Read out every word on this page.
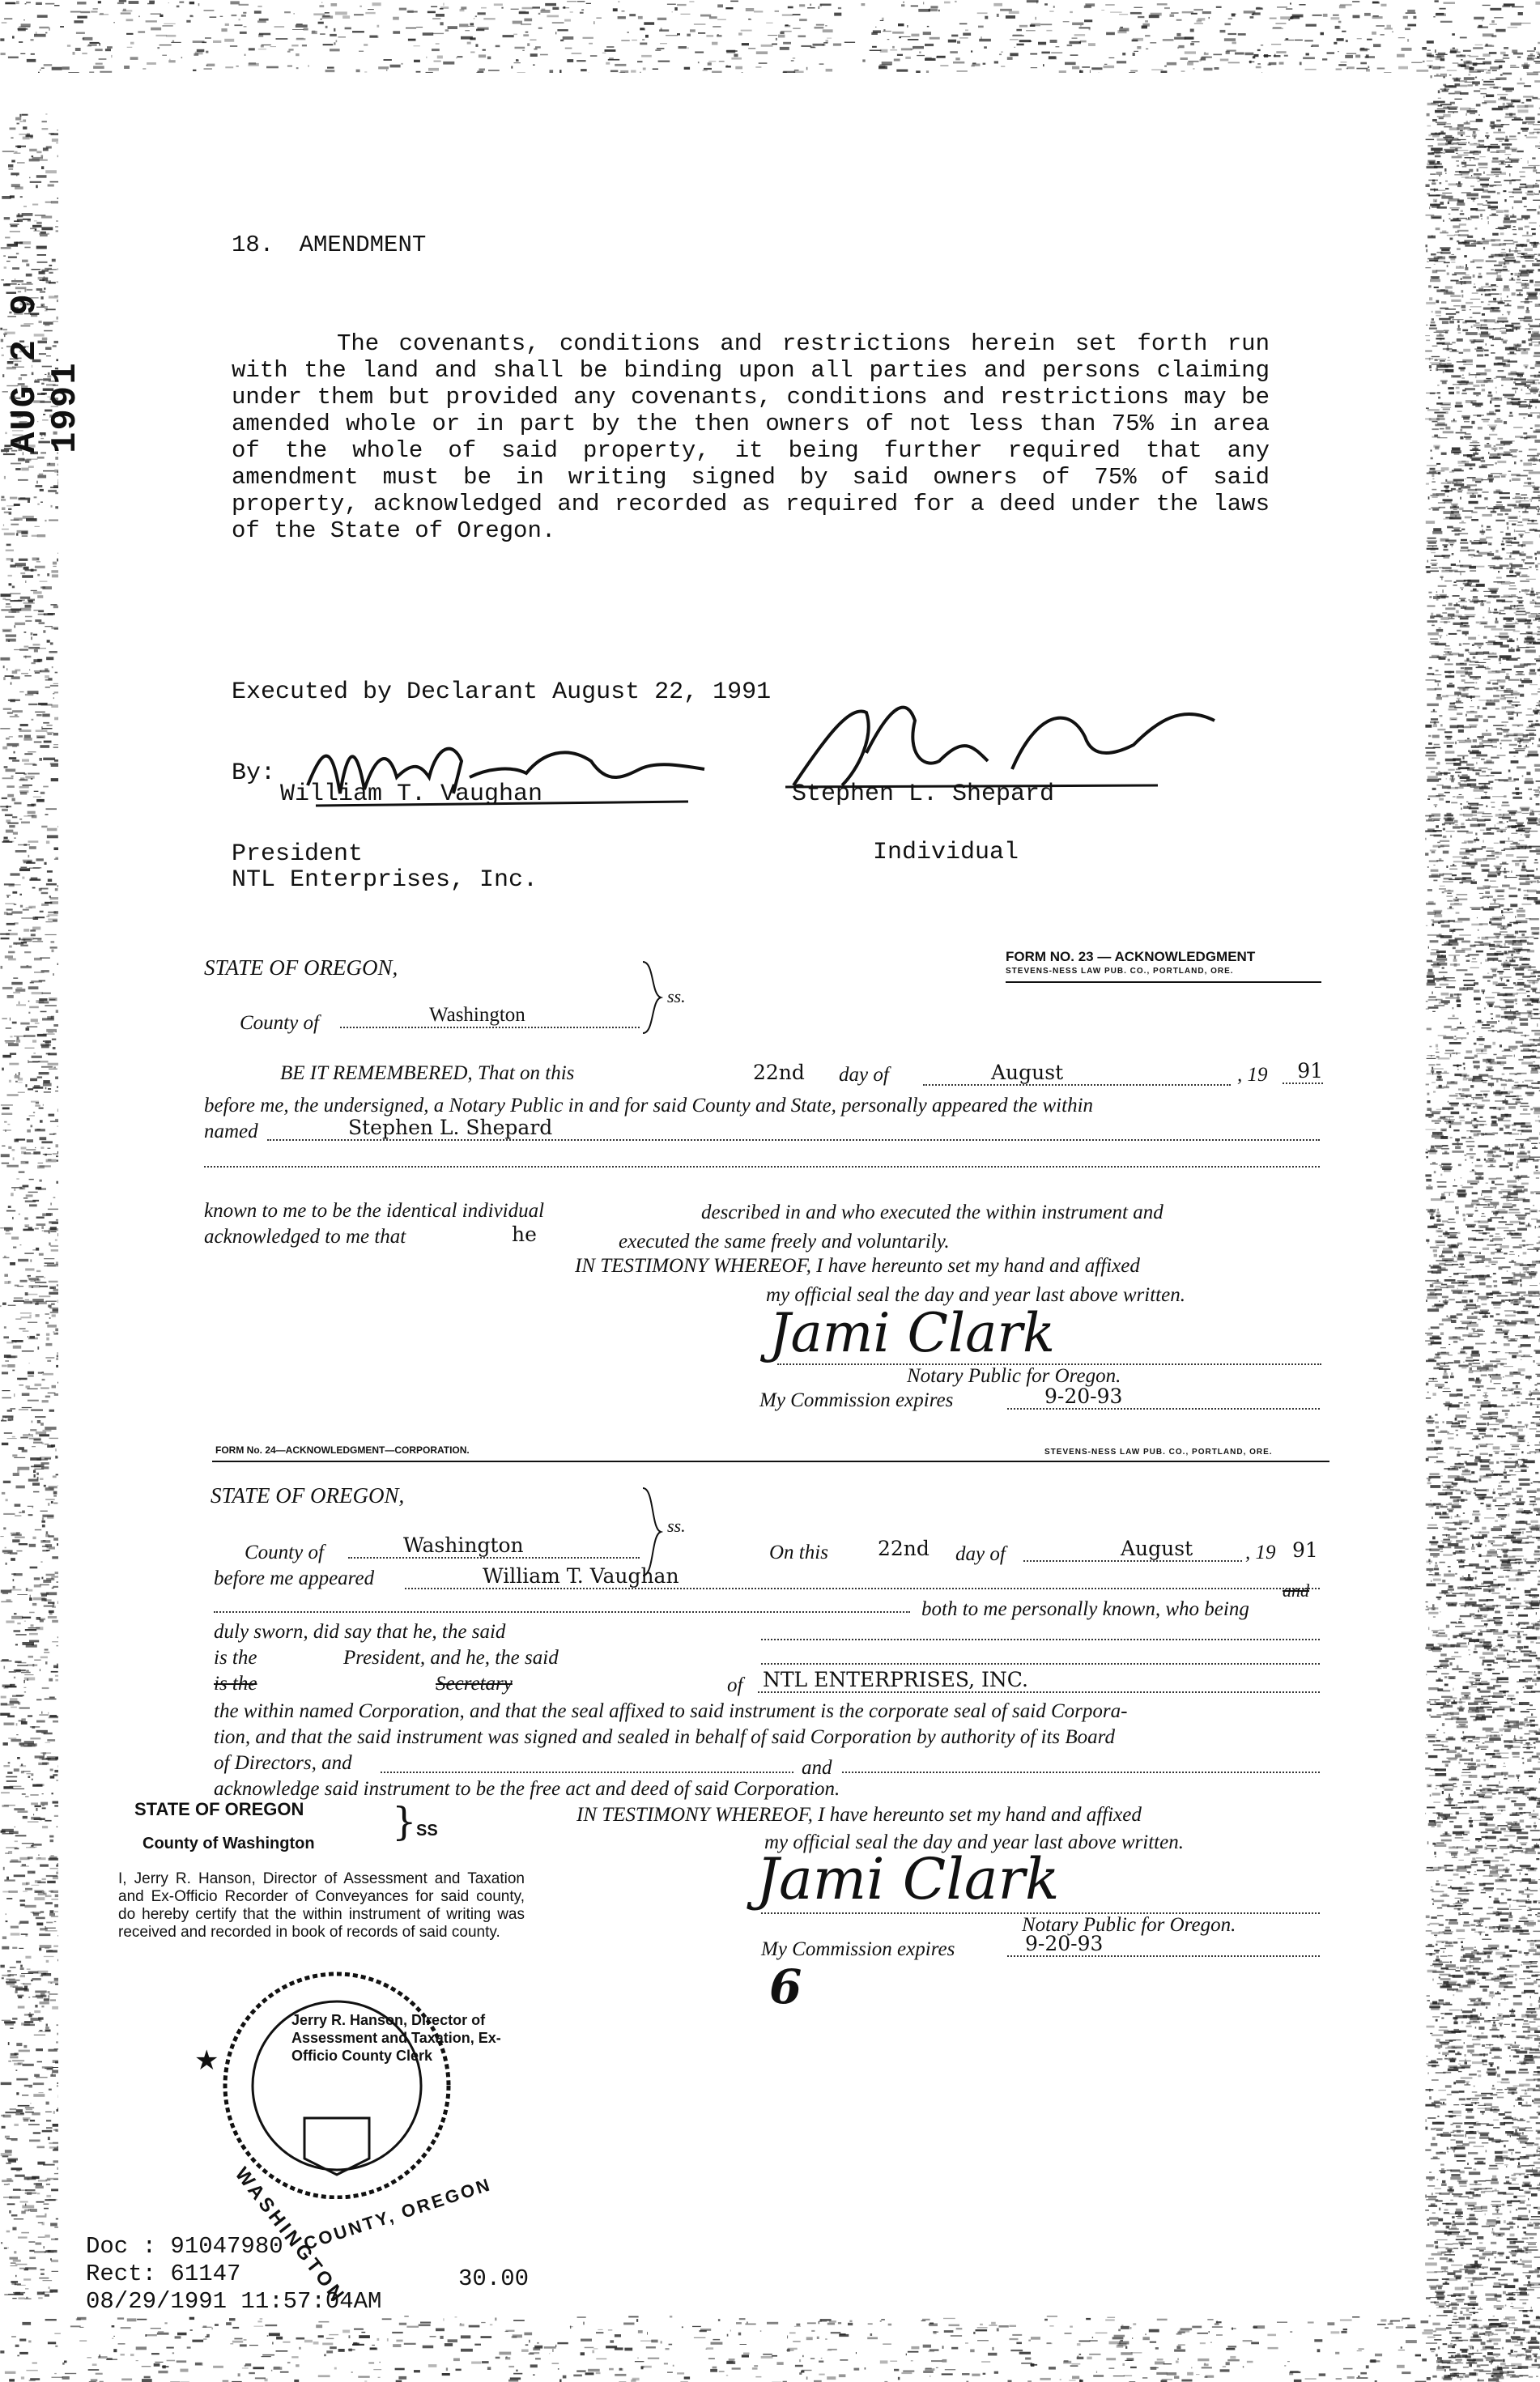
AUG 2 9 1991
18. AMENDMENT
The covenants, conditions and restrictions herein set forth run with the land and shall be binding upon all parties and persons claiming under them but provided any covenants, conditions and restrictions may be amended whole or in part by the then owners of not less than 75% in area of the whole of said property, it being further required that any amendment must be in writing signed by said owners of 75% of said property, acknowledged and recorded as required for a deed under the laws of the State of Oregon.
Executed by Declarant August 22, 1991
By:
William T. Vaughan	Stephen L. Shepard
President
NTL Enterprises, Inc.
Individual
FORM NO. 23 — ACKNOWLEDGMENT
STEVENS-NESS LAW PUB. CO., PORTLAND, ORE.
STATE OF OREGON,
ss.
County of	Washington
BE IT REMEMBERED, That on this	22nd day of	August	, 19	91
before me, the undersigned, a Notary Public in and for said County and State, personally appeared the within
named	Stephen L. Shepard
known to me to be the identical individual	described in and who executed the within instrument and
acknowledged to me that	he	executed the same freely and voluntarily.
IN TESTIMONY WHEREOF, I have hereunto set my hand and affixed
my official seal the day and year last above written.
Jami Clark
Notary Public for Oregon.
My Commission expires	9-20-93
FORM No. 24—ACKNOWLEDGMENT—CORPORATION.	STEVENS-NESS LAW PUB. CO., PORTLAND, ORE.
STATE OF OREGON,
ss.
County of	Washington	On this 22nd day of	August	, 19 91
before me appeared	William T. Vaughan
and
both to me personally known, who being
duly sworn, did say that he, the said
is the	President, and he, the said
is the	Secretary	of NTL ENTERPRISES, INC.
the within named Corporation, and that the seal affixed to said instrument is the corporate seal of said Corpora-
tion, and that the said instrument was signed and sealed in behalf of said Corporation by authority of its Board
of Directors, and	and
acknowledge said instrument to be the free act and deed of said Corporation.
IN TESTIMONY WHEREOF, I have hereunto set my hand and affixed
my official seal the day and year last above written.
Jami Clark
Notary Public for Oregon.
My Commission expires	9-20-93
6
STATE OF OREGON } SS
County of Washington
I, Jerry R. Hanson, Director of Assessment and Taxation and Ex-Officio Recorder of Conveyances for said county, do hereby certify that the within instrument of writing was received and recorded in book of records of said county.
★
WASHINGTON
COUNTY, OREGON
Jerry R. Hanson, Director of Assessment and Taxation, Ex-Officio County Clerk
Doc : 91047980
Rect: 61147	30.00
08/29/1991 11:57:04AM
